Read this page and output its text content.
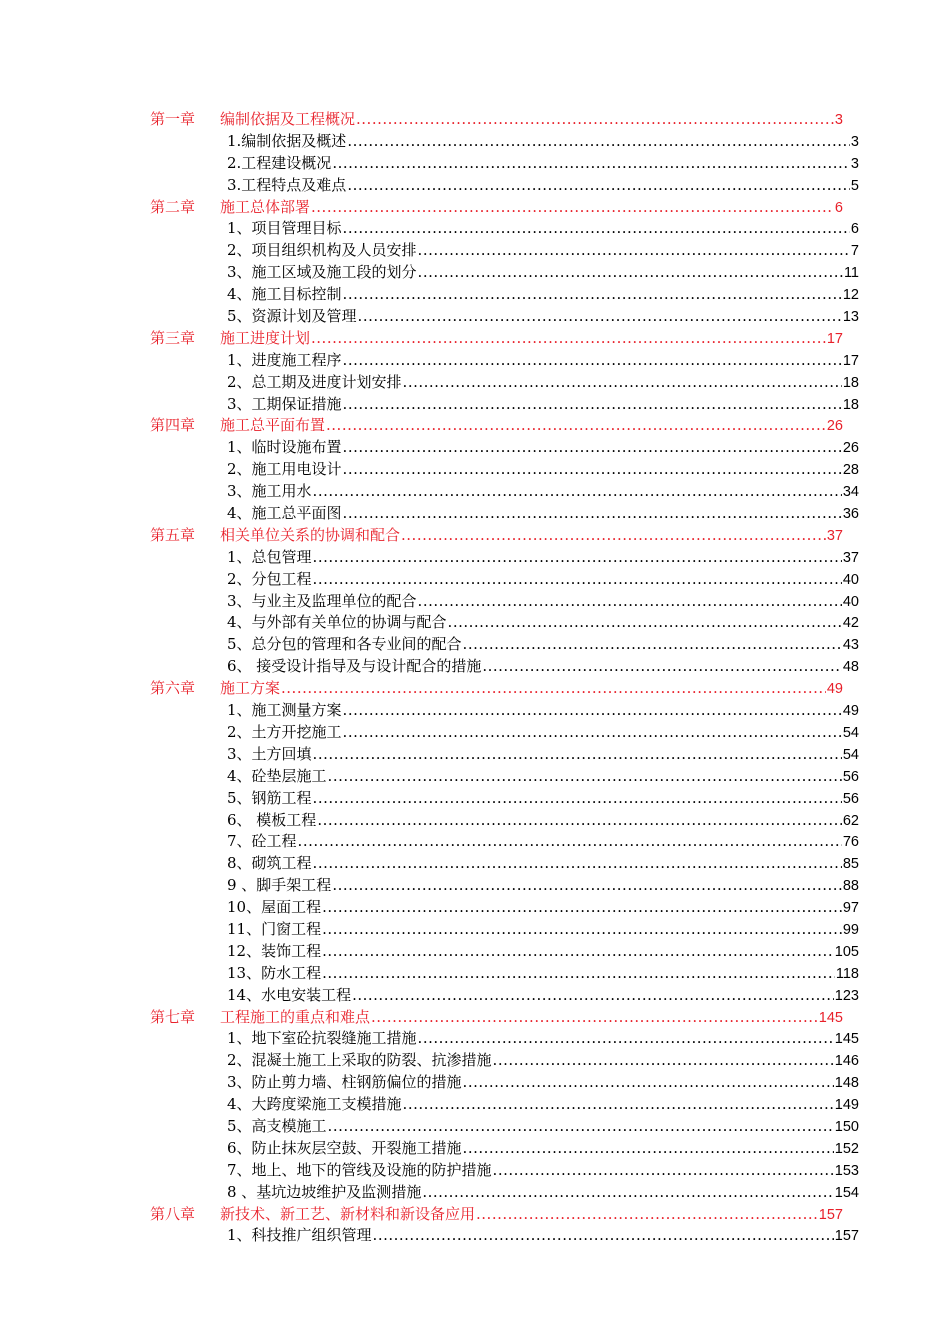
第一章 编制依据及工程概况 .....	3
1.编制依据及概述 .....	3
2.工程建设概况 .....	3
3.工程特点及难点 .....	5
第二章 施工总体部署 .....	6
1、项目管理目标 .....	6
2、项目组织机构及人员安排 .....	7
3、施工区域及施工段的划分 .....	11
4、施工目标控制 .....	12
5、资源计划及管理 .....	13
第三章 施工进度计划 .....	17
1、进度施工程序 .....	17
2、总工期及进度计划安排 .....	18
3、工期保证措施 .....	18
第四章 施工总平面布置 .....	26
1、临时设施布置 .....	26
2、施工用电设计 .....	28
3、施工用水 .....	34
4、施工总平面图 .....	36
第五章 相关单位关系的协调和配合 .....	37
1、总包管理 .....	37
2、分包工程 .....	40
3、与业主及监理单位的配合 .....	40
4、与外部有关单位的协调与配合 .....	42
5、总分包的管理和各专业间的配合 .....	43
6、 接受设计指导及与设计配合的措施 .....	48
第六章 施工方案 .....	49
1、施工测量方案 .....	49
2、土方开挖施工 .....	54
3、土方回填 .....	54
4、砼垫层施工 .....	56
5、钢筋工程 .....	56
6、 模板工程 .....	62
7、砼工程 .....	76
8、砌筑工程 .....	85
9 、脚手架工程 .....	88
10、屋面工程 .....	97
11、门窗工程 .....	99
12、装饰工程 .....	105
13、防水工程 .....	118
14、水电安装工程 .....	123
第七章 工程施工的重点和难点 .....	145
1、地下室砼抗裂缝施工措施 .....	145
2、混凝土施工上采取的防裂、抗渗措施 .....	146
3、防止剪力墙、柱钢筋偏位的措施 .....	148
4、大跨度梁施工支模措施 .....	149
5、高支模施工 .....	150
6、防止抹灰层空鼓、开裂施工措施 .....	152
7、地上、地下的管线及设施的防护措施 .....	153
8 、基坑边坡维护及监测措施 .....	154
第八章 新技术、新工艺、新材料和新设备应用 .....	157
1、科技推广组织管理 .....	157
